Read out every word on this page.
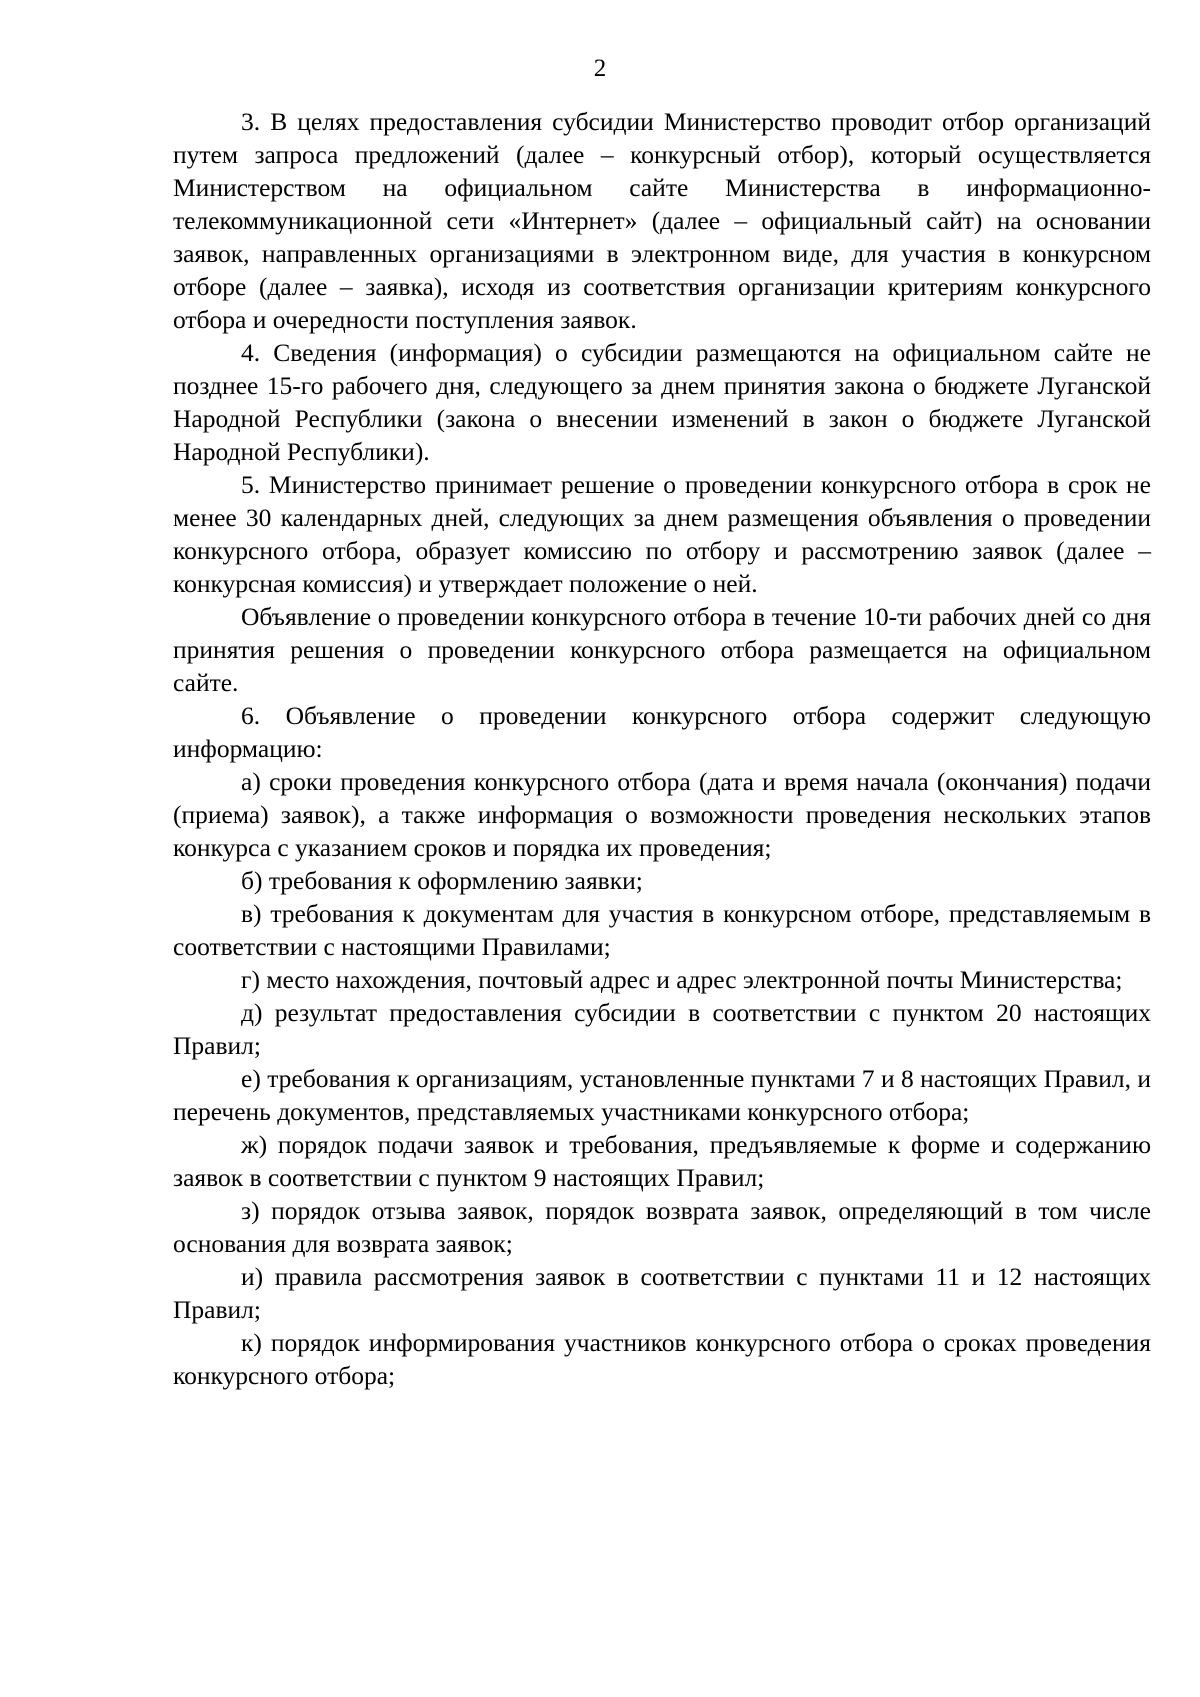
2

3. В целях предоставления субсидии Министерство проводит отбор организаций путем запроса предложений (далее – конкурсный отбор), который осуществляется Министерством на официальном сайте Министерства в информационно-телекоммуникационной сети «Интернет» (далее – официальный сайт) на основании заявок, направленных организациями в электронном виде, для участия в конкурсном отборе (далее – заявка), исходя из соответствия организации критериям конкурсного отбора и очередности поступления заявок.

4. Сведения (информация) о субсидии размещаются на официальном сайте не позднее 15-го рабочего дня, следующего за днем принятия закона о бюджете Луганской Народной Республики (закона о внесении изменений в закон о бюджете Луганской Народной Республики).

5. Министерство принимает решение о проведении конкурсного отбора в срок не менее 30 календарных дней, следующих за днем размещения объявления о проведении конкурсного отбора, образует комиссию по отбору и рассмотрению заявок (далее – конкурсная комиссия) и утверждает положение о ней.

Объявление о проведении конкурсного отбора в течение 10-ти рабочих дней со дня принятия решения о проведении конкурсного отбора размещается на официальном сайте.

6. Объявление о проведении конкурсного отбора содержит следующую информацию:

а) сроки проведения конкурсного отбора (дата и время начала (окончания) подачи (приема) заявок), а также информация о возможности проведения нескольких этапов конкурса с указанием сроков и порядка их проведения;

б) требования к оформлению заявки;

в) требования к документам для участия в конкурсном отборе, представляемым в соответствии с настоящими Правилами;

г) место нахождения, почтовый адрес и адрес электронной почты Министерства;

д) результат предоставления субсидии в соответствии с пунктом 20 настоящих Правил;

е) требования к организациям, установленные пунктами 7 и 8 настоящих Правил, и перечень документов, представляемых участниками конкурсного отбора;

ж) порядок подачи заявок и требования, предъявляемые к форме и содержанию заявок в соответствии с пунктом 9 настоящих Правил;

з) порядок отзыва заявок, порядок возврата заявок, определяющий в том числе основания для возврата заявок;

и) правила рассмотрения заявок в соответствии с пунктами 11 и 12 настоящих Правил;

к) порядок информирования участников конкурсного отбора о сроках проведения конкурсного отбора;
